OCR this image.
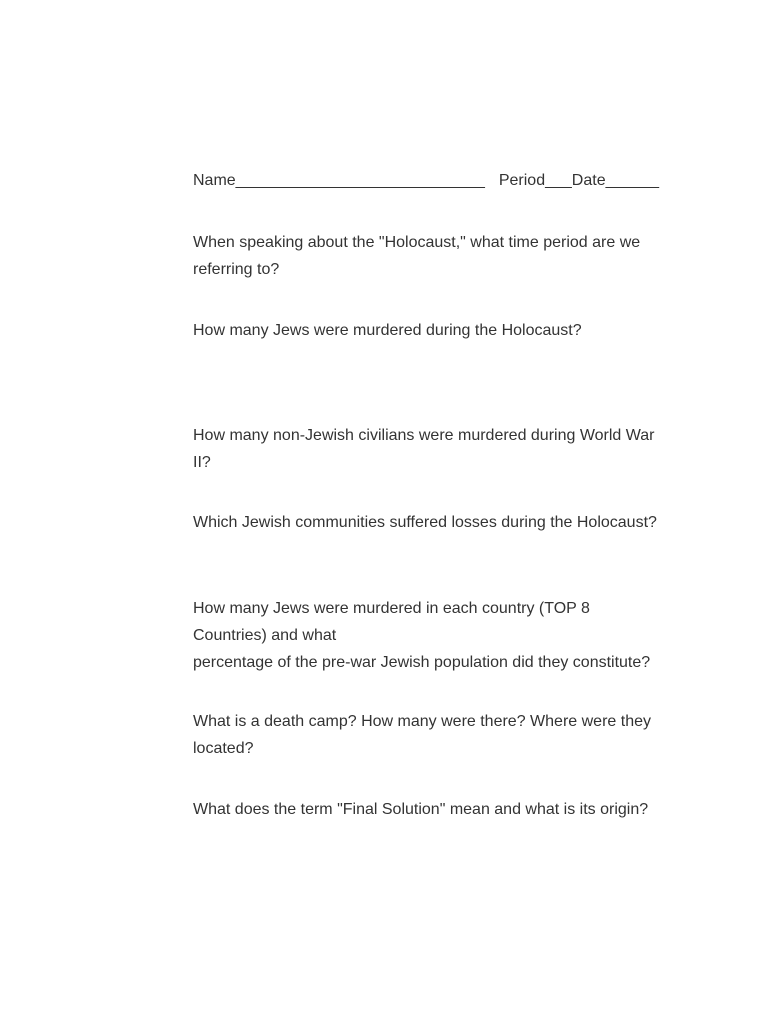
Name____________________________ Period___Date______

When speaking about the "Holocaust," what time period are we referring to?

How many Jews were murdered during the Holocaust?

How many non-Jewish civilians were murdered during World War II?

Which Jewish communities suffered losses during the Holocaust?

How many Jews were murdered in each country (TOP 8
Countries) and what
percentage of the pre-war Jewish population did they constitute?

What is a death camp? How many were there? Where were they located?

What does the term "Final Solution" mean and what is its origin?
